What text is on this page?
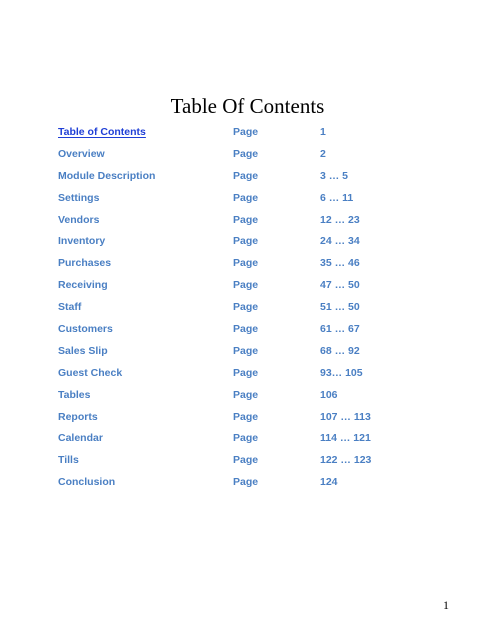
Table Of Contents
Table of Contents	Page	1
Overview	Page	2
Module Description	Page	3 … 5
Settings	Page	6 … 11
Vendors	Page	12 … 23
Inventory	Page	24 … 34
Purchases	Page	35 … 46
Receiving	Page	47 … 50
Staff	Page	51 … 50
Customers	Page	61 … 67
Sales Slip	Page	68 … 92
Guest Check	Page	93… 105
Tables	Page	106
Reports	Page	107 … 113
Calendar	Page	114 … 121
Tills	Page	122 … 123
Conclusion	Page	124
1
